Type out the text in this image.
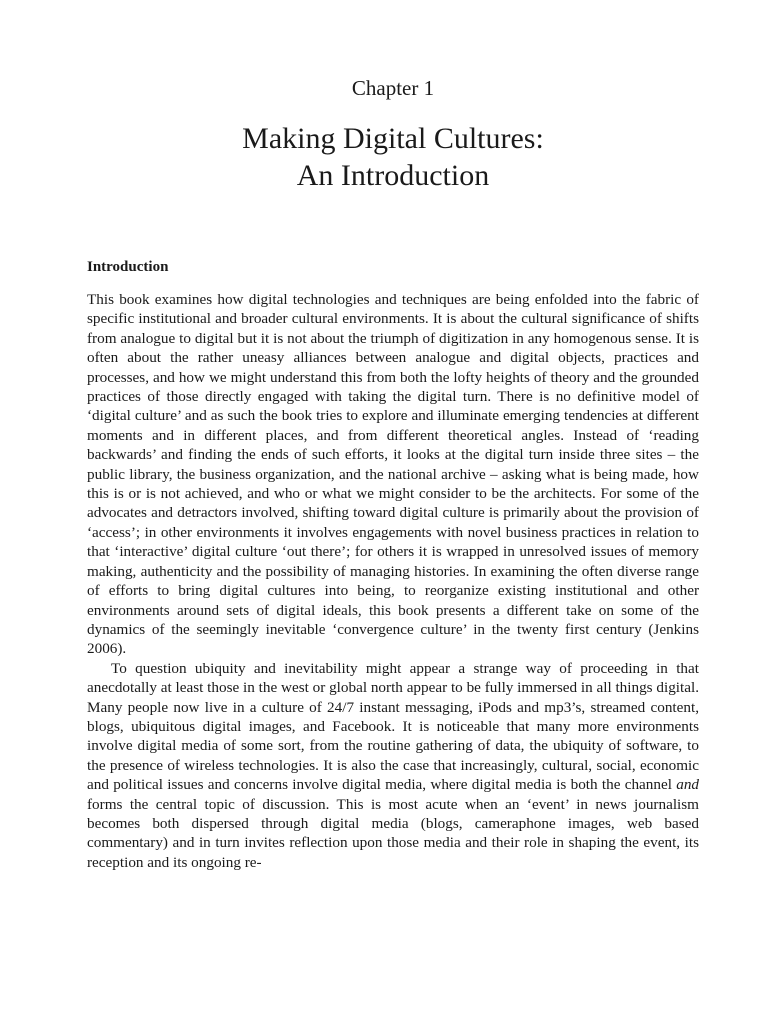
Chapter 1

Making Digital Cultures:
An Introduction
Introduction

This book examines how digital technologies and techniques are being enfolded into the fabric of specific institutional and broader cultural environments. It is about the cultural significance of shifts from analogue to digital but it is not about the triumph of digitization in any homogenous sense. It is often about the rather uneasy alliances between analogue and digital objects, practices and processes, and how we might understand this from both the lofty heights of theory and the grounded practices of those directly engaged with taking the digital turn. There is no definitive model of ‘digital culture’ and as such the book tries to explore and illuminate emerging tendencies at different moments and in different places, and from different theoretical angles. Instead of ‘reading backwards’ and finding the ends of such efforts, it looks at the digital turn inside three sites – the public library, the business organization, and the national archive – asking what is being made, how this is or is not achieved, and who or what we might consider to be the architects. For some of the advocates and detractors involved, shifting toward digital culture is primarily about the provision of ‘access’; in other environments it involves engagements with novel business practices in relation to that ‘interactive’ digital culture ‘out there’; for others it is wrapped in unresolved issues of memory making, authenticity and the possibility of managing histories. In examining the often diverse range of efforts to bring digital cultures into being, to reorganize existing institutional and other environments around sets of digital ideals, this book presents a different take on some of the dynamics of the seemingly inevitable ‘convergence culture’ in the twenty first century (Jenkins 2006).

To question ubiquity and inevitability might appear a strange way of proceeding in that anecdotally at least those in the west or global north appear to be fully immersed in all things digital. Many people now live in a culture of 24/7 instant messaging, iPods and mp3’s, streamed content, blogs, ubiquitous digital images, and Facebook. It is noticeable that many more environments involve digital media of some sort, from the routine gathering of data, the ubiquity of software, to the presence of wireless technologies. It is also the case that increasingly, cultural, social, economic and political issues and concerns involve digital media, where digital media is both the channel and forms the central topic of discussion. This is most acute when an ‘event’ in news journalism becomes both dispersed through digital media (blogs, cameraphone images, web based commentary) and in turn invites reflection upon those media and their role in shaping the event, its reception and its ongoing re-
